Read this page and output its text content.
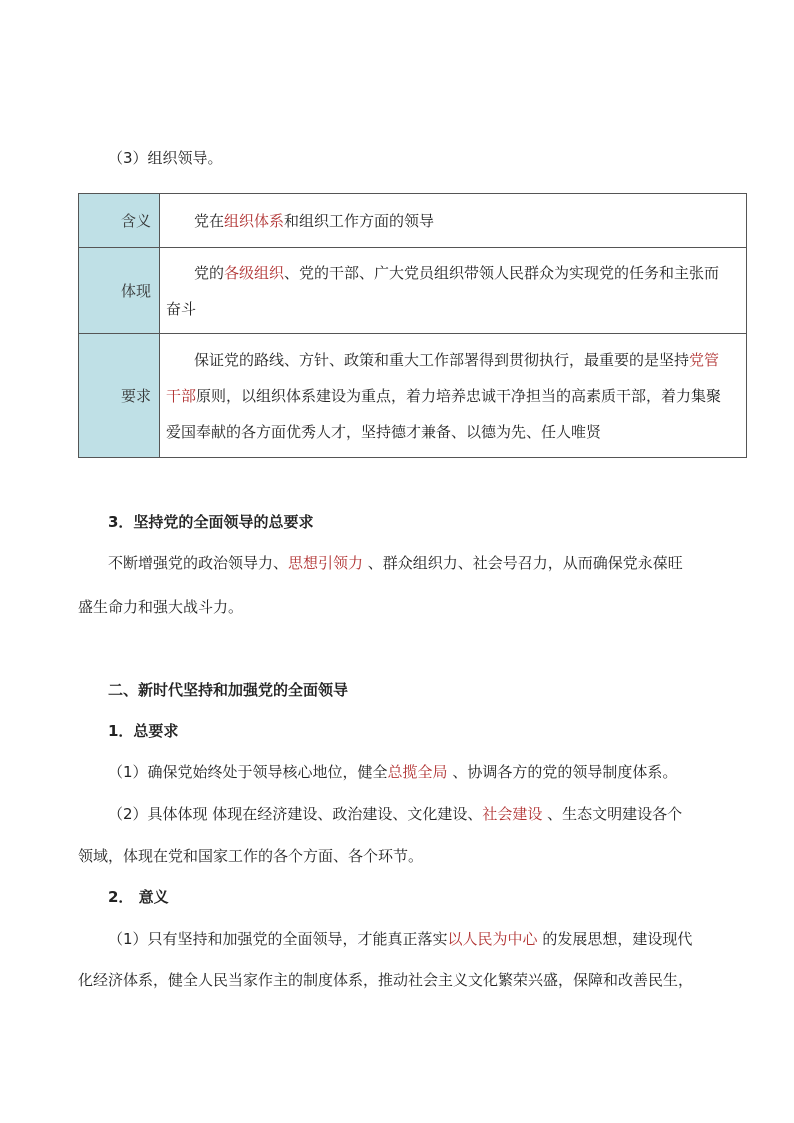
（3）组织领导。
含义	党在组织体系和组织工作方面的领导

体现	党的各级组织、党的干部、广大党员组织带领人民群众为实现党的任务和主张而
奋斗

要求	保证党的路线、方针、政策和重大工作部署得到贯彻执行，最重要的是坚持党管
干部原则，以组织体系建设为重点，着力培养忠诚干净担当的高素质干部，着力集聚
爱国奉献的各方面优秀人才，坚持德才兼备、以德为先、任人唯贤
3．坚持党的全面领导的总要求
不断增强党的政治领导力、思想引领力 、群众组织力、社会号召力，从而确保党永葆旺
盛生命力和强大战斗力。
二、新时代坚持和加强党的全面领导
1．总要求
（1）确保党始终处于领导核心地位，健全总揽全局 、协调各方的党的领导制度体系。
（2）具体体现 体现在经济建设、政治建设、文化建设、社会建设 、生态文明建设各个
领域，体现在党和国家工作的各个方面、各个环节。
2． 意义
（1）只有坚持和加强党的全面领导，才能真正落实以人民为中心 的发展思想，建设现代
化经济体系，健全人民当家作主的制度体系，推动社会主义文化繁荣兴盛，保障和改善民生，
